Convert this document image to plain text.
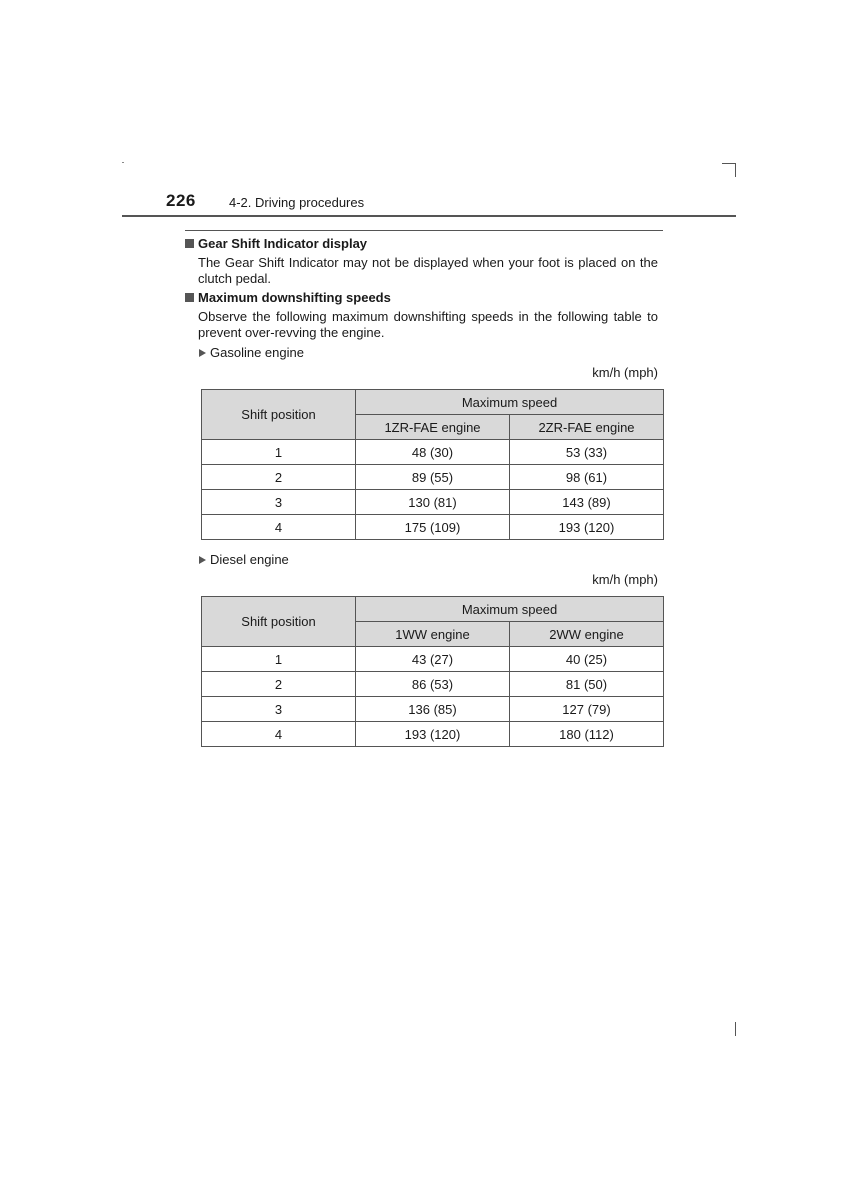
226	4-2. Driving procedures
Gear Shift Indicator display
The Gear Shift Indicator may not be displayed when your foot is placed on the clutch pedal.
Maximum downshifting speeds
Observe the following maximum downshifting speeds in the following table to prevent over-revving the engine.
Gasoline engine
km/h (mph)
Shift position	Maximum speed	
	1ZR-FAE engine	2ZR-FAE engine
1	48 (30)	53 (33)
2	89 (55)	98 (61)
3	130 (81)	143 (89)
4	175 (109)	193 (120)
Diesel engine
km/h (mph)
Shift position	Maximum speed	
	1WW engine	2WW engine
1	43 (27)	40 (25)
2	86 (53)	81 (50)
3	136 (85)	127 (79)
4	193 (120)	180 (112)
